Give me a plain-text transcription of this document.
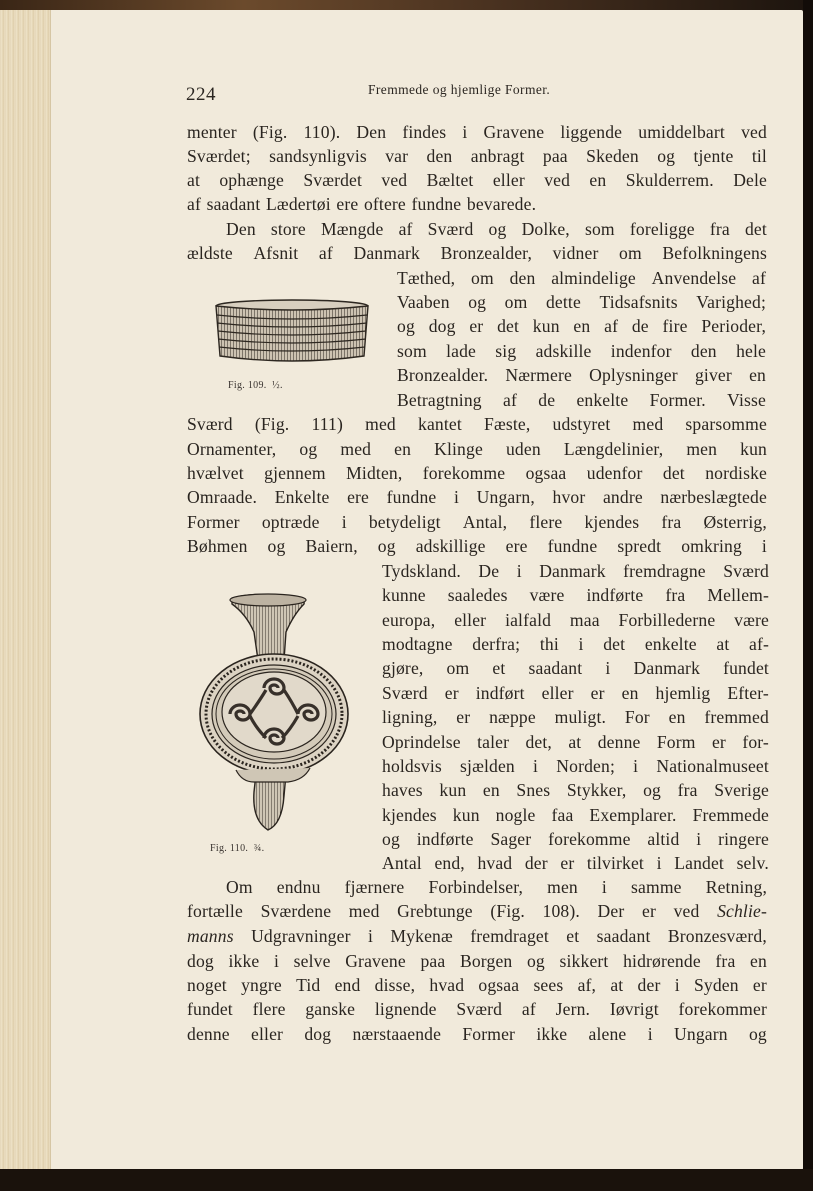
224	Fremmede og hjemlige Former.
Fig. 109. ½.
Fig. 110. ¾.
menter (Fig. 110). Den findes i Gravene liggende umiddelbart ved
Sværdet; sandsynligvis var den anbragt paa Skeden og tjente til
at ophænge Sværdet ved Bæltet eller ved en Skulderrem. Dele
af saadant Lædertøi ere oftere fundne bevarede.
Den store Mængde af Sværd og Dolke, som foreligge fra det
ældste Afsnit af Danmark Bronzealder, vidner om Befolkningens
Tæthed, om den almindelige Anvendelse af
Vaaben og om dette Tidsafsnits Varighed;
og dog er det kun en af de fire Perioder,
som lade sig adskille indenfor den hele
Bronzealder. Nærmere Oplysninger giver en
Betragtning af de enkelte Former. Visse
Sværd (Fig. 111) med kantet Fæste, udstyret med sparsomme
Ornamenter, og med en Klinge uden Længdelinier, men kun
hvælvet gjennem Midten, forekomme ogsaa udenfor det nordiske
Omraade. Enkelte ere fundne i Ungarn, hvor andre nærbeslægtede
Former optræde i betydeligt Antal, flere kjendes fra Østerrig,
Bøhmen og Baiern, og adskillige ere fundne spredt omkring i
Tydskland. De i Danmark fremdragne Sværd
kunne saaledes være indførte fra Mellem-
europa, eller ialfald maa Forbillederne være
modtagne derfra; thi i det enkelte at af-
gjøre, om et saadant i Danmark fundet
Sværd er indført eller er en hjemlig Efter-
ligning, er næppe muligt. For en fremmed
Oprindelse taler det, at denne Form er for-
holdsvis sjælden i Norden; i Nationalmuseet
haves kun en Snes Stykker, og fra Sverige
kjendes kun nogle faa Exemplarer. Fremmede
og indførte Sager forekomme altid i ringere
Antal end, hvad der er tilvirket i Landet selv.
Om endnu fjærnere Forbindelser, men i samme Retning,
fortælle Sværdene med Grebtunge (Fig. 108). Der er ved Schlie-
manns Udgravninger i Mykenæ fremdraget et saadant Bronzesværd,
dog ikke i selve Gravene paa Borgen og sikkert hidrørende fra en
noget yngre Tid end disse, hvad ogsaa sees af, at der i Syden er
fundet flere ganske lignende Sværd af Jern. Iøvrigt forekommer
denne eller dog nærstaaende Former ikke alene i Ungarn og
